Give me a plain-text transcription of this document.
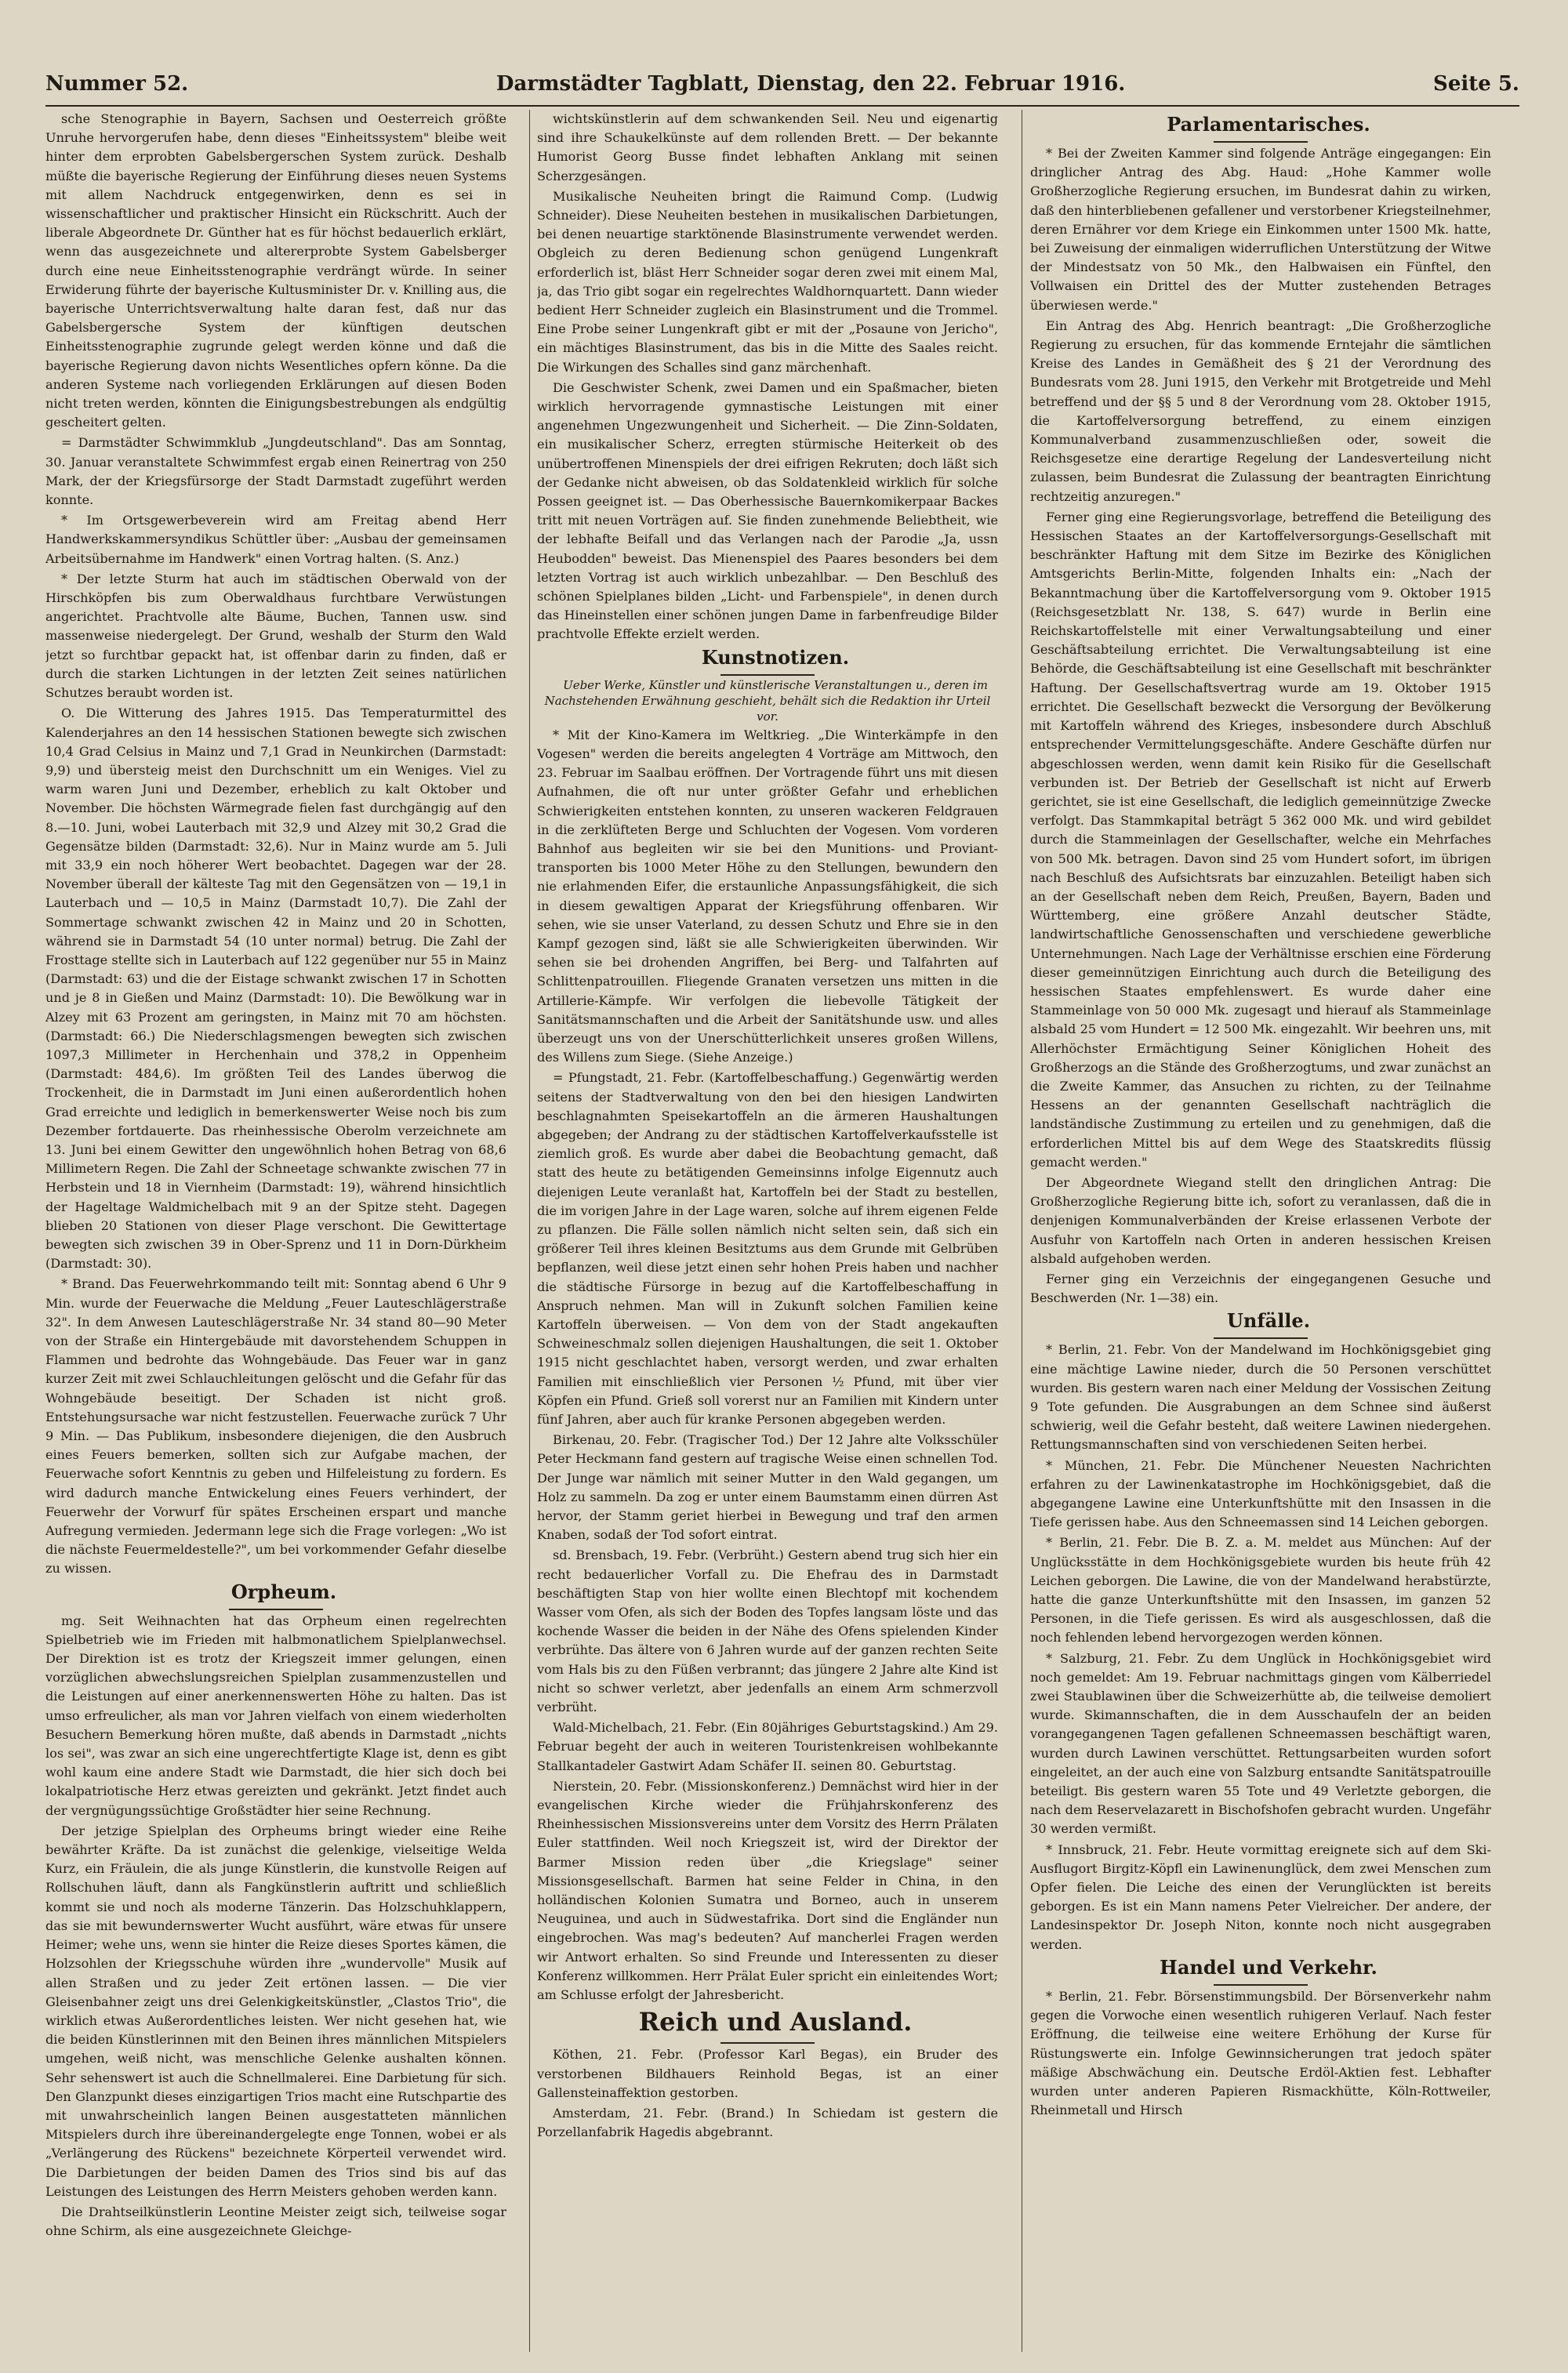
Nummer 52.	Darmstädter Tagblatt, Dienstag, den 22. Februar 1916.	Seite 5.

sche Stenographie in Bayern, Sachsen und Oesterreich größte Unruhe hervorgerufen habe, denn dieses "Einheitssystem" bleibe weit hinter dem erprobten Gabelsbergerschen System zurück. Deshalb müßte die bayerische Regierung der Einführung dieses neuen Systems mit allem Nachdruck entgegenwirken, denn es sei in wissenschaftlicher und praktischer Hinsicht ein Rückschritt. Auch der liberale Abgeordnete Dr. Günther hat es für höchst bedauerlich erklärt, wenn das ausgezeichnete und altererprobte System Gabelsberger durch eine neue Einheitsstenographie verdrängt würde. In seiner Erwiderung führte der bayerische Kultusminister Dr. v. Knilling aus, die bayerische Unterrichtsverwaltung halte daran fest, daß nur das Gabelsbergersche System der künftigen deutschen Einheitsstenographie zugrunde gelegt werden könne und daß die bayerische Regierung davon nichts Wesentliches opfern könne. Da die anderen Systeme nach vorliegenden Erklärungen auf diesen Boden nicht treten werden, könnten die Einigungsbestrebungen als endgültig gescheitert gelten.

= Darmstädter Schwimmklub „Jungdeutschland". Das am Sonntag, 30. Januar veranstaltete Schwimmfest ergab einen Reinertrag von 250 Mark, der der Kriegsfürsorge der Stadt Darmstadt zugeführt werden konnte.

* Im Ortsgewerbeverein wird am Freitag abend Herr Handwerkskammersyndikus Schüttler über: „Ausbau der gemeinsamen Arbeitsübernahme im Handwerk" einen Vortrag halten. (S. Anz.)

* Der letzte Sturm hat auch im städtischen Oberwald von der Hirschköpfen bis zum Oberwaldhaus furchtbare Verwüstungen angerichtet. Prachtvolle alte Bäume, Buchen, Tannen usw. sind massenweise niedergelegt. Der Grund, weshalb der Sturm den Wald jetzt so furchtbar gepackt hat, ist offenbar darin zu finden, daß er durch die starken Lichtungen in der letzten Zeit seines natürlichen Schutzes beraubt worden ist.

O. Die Witterung des Jahres 1915. Das Temperaturmittel des Kalenderjahres an den 14 hessischen Stationen bewegte sich zwischen 10,4 Grad Celsius in Mainz und 7,1 Grad in Neunkirchen (Darmstadt: 9,9) und übersteig meist den Durchschnitt um ein Weniges. Viel zu warm waren Juni und Dezember, erheblich zu kalt Oktober und November. Die höchsten Wärmegrade fielen fast durchgängig auf den 8.—10. Juni, wobei Lauterbach mit 32,9 und Alzey mit 30,2 Grad die Gegensätze bilden (Darmstadt: 32,6). Nur in Mainz wurde am 5. Juli mit 33,9 ein noch höherer Wert beobachtet. Dagegen war der 28. November überall der kälteste Tag mit den Gegensätzen von — 19,1 in Lauterbach und — 10,5 in Mainz (Darmstadt 10,7). Die Zahl der Sommertage schwankt zwischen 42 in Mainz und 20 in Schotten, während sie in Darmstadt 54 (10 unter normal) betrug. Die Zahl der Frosttage stellte sich in Lauterbach auf 122 gegenüber nur 55 in Mainz (Darmstadt: 63) und die der Eistage schwankt zwischen 17 in Schotten und je 8 in Gießen und Mainz (Darmstadt: 10). Die Bewölkung war in Alzey mit 63 Prozent am geringsten, in Mainz mit 70 am höchsten. (Darmstadt: 66.) Die Niederschlagsmengen bewegten sich zwischen 1097,3 Millimeter in Herchenhain und 378,2 in Oppenheim (Darmstadt: 484,6). Im größten Teil des Landes überwog die Trockenheit, die in Darmstadt im Juni einen außerordentlich hohen Grad erreichte und lediglich in bemerkenswerter Weise noch bis zum Dezember fortdauerte. Das rheinhessische Oberolm verzeichnete am 13. Juni bei einem Gewitter den ungewöhnlich hohen Betrag von 68,6 Millimetern Regen. Die Zahl der Schneetage schwankte zwischen 77 in Herbstein und 18 in Viernheim (Darmstadt: 19), während hinsichtlich der Hageltage Waldmichelbach mit 9 an der Spitze steht. Dagegen blieben 20 Stationen von dieser Plage verschont. Die Gewittertage bewegten sich zwischen 39 in Ober-Sprenz und 11 in Dorn-Dürkheim (Darmstadt: 30).

* Brand. Das Feuerwehrkommando teilt mit: Sonntag abend 6 Uhr 9 Min. wurde der Feuerwache die Meldung „Feuer Lauteschlägerstraße 32". In dem Anwesen Lauteschlägerstraße Nr. 34 stand 80—90 Meter von der Straße ein Hintergebäude mit davorstehendem Schuppen in Flammen und bedrohte das Wohngebäude. Das Feuer war in ganz kurzer Zeit mit zwei Schlauchleitungen gelöscht und die Gefahr für das Wohngebäude beseitigt. Der Schaden ist nicht groß. Entstehungsursache war nicht festzustellen. Feuerwache zurück 7 Uhr 9 Min. — Das Publikum, insbesondere diejenigen, die den Ausbruch eines Feuers bemerken, sollten sich zur Aufgabe machen, der Feuerwache sofort Kenntnis zu geben und Hilfeleistung zu fordern. Es wird dadurch manche Entwickelung eines Feuers verhindert, der Feuerwehr der Vorwurf für spätes Erscheinen erspart und manche Aufregung vermieden. Jedermann lege sich die Frage vorlegen: „Wo ist die nächste Feuermeldestelle?", um bei vorkommender Gefahr dieselbe zu wissen.

Orpheum.

mg. Seit Weihnachten hat das Orpheum einen regelrechten Spielbetrieb wie im Frieden mit halbmonatlichem Spielplanwechsel. Der Direktion ist es trotz der Kriegszeit immer gelungen, einen vorzüglichen abwechslungsreichen Spielplan zusammenzustellen und die Leistungen auf einer anerkennenswerten Höhe zu halten. Das ist umso erfreulicher, als man vor Jahren vielfach von einem wiederholten Besuchern Bemerkung hören mußte, daß abends in Darmstadt „nichts los sei", was zwar an sich eine ungerechtfertigte Klage ist, denn es gibt wohl kaum eine andere Stadt wie Darmstadt, die hier sich doch bei lokalpatriotische Herz etwas gereizten und gekränkt. Jetzt findet auch der vergnügungssüchtige Großstädter hier seine Rechnung.

Der jetzige Spielplan des Orpheums bringt wieder eine Reihe bewährter Kräfte. Da ist zunächst die gelenkige, vielseitige Welda Kurz, ein Fräulein, die als junge Künstlerin, die kunstvolle Reigen auf Rollschuhen läuft, dann als Fangkünstlerin auftritt und schließlich kommt sie und noch als moderne Tänzerin. Das Holzschuhklappern, das sie mit bewundernswerter Wucht ausführt, wäre etwas für unsere Heimer; wehe uns, wenn sie hinter die Reize dieses Sportes kämen, die Holzsohlen der Kriegsschuhe würden ihre „wundervolle" Musik auf allen Straßen und zu jeder Zeit ertönen lassen. — Die vier Gleisenbahner zeigt uns drei Gelenkigkeitskünstler, „Clastos Trio", die wirklich etwas Außerordentliches leisten. Wer nicht gesehen hat, wie die beiden Künstlerinnen mit den Beinen ihres männlichen Mitspielers umgehen, weiß nicht, was menschliche Gelenke aushalten können. Sehr sehenswert ist auch die Schnellmalerei. Eine Darbietung für sich. Den Glanzpunkt dieses einzigartigen Trios macht eine Rutschpartie des mit unwahrscheinlich langen Beinen ausgestatteten männlichen Mitspielers durch ihre übereinandergelegte enge Tonnen, wobei er als „Verlängerung des Rückens" bezeichnete Körperteil verwendet wird. Die Darbietungen der beiden Damen des Trios sind bis auf das Leistungen des Leistungen des Herrn Meisters gehoben werden kann.

Die Drahtseilkünstlerin Leontine Meister zeigt sich, teilweise sogar ohne Schirm, als eine ausgezeichnete Gleichge-

wichtskünstlerin auf dem schwankenden Seil. Neu und eigenartig sind ihre Schaukelkünste auf dem rollenden Brett. — Der bekannte Humorist Georg Busse findet lebhaften Anklang mit seinen Scherzgesängen.

Musikalische Neuheiten bringt die Raimund Comp. (Ludwig Schneider). Diese Neuheiten bestehen in musikalischen Darbietungen, bei denen neuartige starktönende Blasinstrumente verwendet werden. Obgleich zu deren Bedienung schon genügend Lungenkraft erforderlich ist, bläst Herr Schneider sogar deren zwei mit einem Mal, ja, das Trio gibt sogar ein regelrechtes Waldhornquartett. Dann wieder bedient Herr Schneider zugleich ein Blasinstrument und die Trommel. Eine Probe seiner Lungenkraft gibt er mit der „Posaune von Jericho", ein mächtiges Blasinstrument, das bis in die Mitte des Saales reicht. Die Wirkungen des Schalles sind ganz märchenhaft.

Die Geschwister Schenk, zwei Damen und ein Spaßmacher, bieten wirklich hervorragende gymnastische Leistungen mit einer angenehmen Ungezwungenheit und Sicherheit. — Die Zinn-Soldaten, ein musikalischer Scherz, erregten stürmische Heiterkeit ob des unübertroffenen Minenspiels der drei eifrigen Rekruten; doch läßt sich der Gedanke nicht abweisen, ob das Soldatenkleid wirklich für solche Possen geeignet ist. — Das Oberhessische Bauernkomikerpaar Backes tritt mit neuen Vorträgen auf. Sie finden zunehmende Beliebtheit, wie der lebhafte Beifall und das Verlangen nach der Parodie „Ja, ussn Heubodden" beweist. Das Mienenspiel des Paares besonders bei dem letzten Vortrag ist auch wirklich unbezahlbar. — Den Beschluß des schönen Spielplanes bilden „Licht- und Farbenspiele", in denen durch das Hineinstellen einer schönen jungen Dame in farbenfreudige Bilder prachtvolle Effekte erzielt werden.

Kunstnotizen.

Ueber Werke, Künstler und künstlerische Veranstaltungen u., deren im Nachstehenden Erwähnung geschieht, behält sich die Redaktion ihr Urteil vor.

* Mit der Kino-Kamera im Weltkrieg. „Die Winterkämpfe in den Vogesen" werden die bereits angelegten 4 Vorträge am Mittwoch, den 23. Februar im Saalbau eröffnen. Der Vortragende führt uns mit diesen Aufnahmen, die oft nur unter größter Gefahr und erheblichen Schwierigkeiten entstehen konnten, zu unseren wackeren Feldgrauen in die zerklüfteten Berge und Schluchten der Vogesen. Vom vorderen Bahnhof aus begleiten wir sie bei den Munitions- und Proviant-transporten bis 1000 Meter Höhe zu den Stellungen, bewundern den nie erlahmenden Eifer, die erstaunliche Anpassungsfähigkeit, die sich in diesem gewaltigen Apparat der Kriegsführung offenbaren. Wir sehen, wie sie unser Vaterland, zu dessen Schutz und Ehre sie in den Kampf gezogen sind, läßt sie alle Schwierigkeiten überwinden. Wir sehen sie bei drohenden Angriffen, bei Berg- und Talfahrten auf Schlittenpatrouillen. Fliegende Granaten versetzen uns mitten in die Artillerie-Kämpfe. Wir verfolgen die liebevolle Tätigkeit der Sanitätsmannschaften und die Arbeit der Sanitätshunde usw. und alles überzeugt uns von der Unerschütterlichkeit unseres großen Willens, des Willens zum Siege. (Siehe Anzeige.)

= Pfungstadt, 21. Febr. (Kartoffelbeschaffung.) Gegenwärtig werden seitens der Stadtverwaltung von den bei den hiesigen Landwirten beschlagnahmten Speisekartoffeln an die ärmeren Haushaltungen abgegeben; der Andrang zu der städtischen Kartoffelverkaufsstelle ist ziemlich groß. Es wurde aber dabei die Beobachtung gemacht, daß statt des heute zu betätigenden Gemeinsinns infolge Eigennutz auch diejenigen Leute veranlaßt hat, Kartoffeln bei der Stadt zu bestellen, die im vorigen Jahre in der Lage waren, solche auf ihrem eigenen Felde zu pflanzen. Die Fälle sollen nämlich nicht selten sein, daß sich ein größerer Teil ihres kleinen Besitztums aus dem Grunde mit Gelbrüben bepflanzen, weil diese jetzt einen sehr hohen Preis haben und nachher die städtische Fürsorge in bezug auf die Kartoffelbeschaffung in Anspruch nehmen. Man will in Zukunft solchen Familien keine Kartoffeln überweisen. — Von dem von der Stadt angekauften Schweineschmalz sollen diejenigen Haushaltungen, die seit 1. Oktober 1915 nicht geschlachtet haben, versorgt werden, und zwar erhalten Familien mit einschließlich vier Personen ½ Pfund, mit über vier Köpfen ein Pfund. Grieß soll vorerst nur an Familien mit Kindern unter fünf Jahren, aber auch für kranke Personen abgegeben werden.

Birkenau, 20. Febr. (Tragischer Tod.) Der 12 Jahre alte Volksschüler Peter Heckmann fand gestern auf tragische Weise einen schnellen Tod. Der Junge war nämlich mit seiner Mutter in den Wald gegangen, um Holz zu sammeln. Da zog er unter einem Baumstamm einen dürren Ast hervor, der Stamm geriet hierbei in Bewegung und traf den armen Knaben, sodaß der Tod sofort eintrat.

sd. Brensbach, 19. Febr. (Verbrüht.) Gestern abend trug sich hier ein recht bedauerlicher Vorfall zu. Die Ehefrau des in Darmstadt beschäftigten Stap von hier wollte einen Blechtopf mit kochendem Wasser vom Ofen, als sich der Boden des Topfes langsam löste und das kochende Wasser die beiden in der Nähe des Ofens spielenden Kinder verbrühte. Das ältere von 6 Jahren wurde auf der ganzen rechten Seite vom Hals bis zu den Füßen verbrannt; das jüngere 2 Jahre alte Kind ist nicht so schwer verletzt, aber jedenfalls an einem Arm schmerzvoll verbrüht.

Wald-Michelbach, 21. Febr. (Ein 80jähriges Geburtstagskind.) Am 29. Februar begeht der auch in weiteren Touristenkreisen wohlbekannte Stallkantadeler Gastwirt Adam Schäfer II. seinen 80. Geburtstag.

Nierstein, 20. Febr. (Missionskonferenz.) Demnächst wird hier in der evangelischen Kirche wieder die Frühjahrskonferenz des Rheinhessischen Missionsvereins unter dem Vorsitz des Herrn Prälaten Euler stattfinden. Weil noch Kriegszeit ist, wird der Direktor der Barmer Mission reden über „die Kriegslage" seiner Missionsgesellschaft. Barmen hat seine Felder in China, in den holländischen Kolonien Sumatra und Borneo, auch in unserem Neuguinea, und auch in Südwestafrika. Dort sind die Engländer nun eingebrochen. Was mag's bedeuten? Auf mancherlei Fragen werden wir Antwort erhalten. So sind Freunde und Interessenten zu dieser Konferenz willkommen. Herr Prälat Euler spricht ein einleitendes Wort; am Schlusse erfolgt der Jahresbericht.

Reich und Ausland.

Köthen, 21. Febr. (Professor Karl Begas), ein Bruder des verstorbenen Bildhauers Reinhold Begas, ist an einer Gallensteinaffektion gestorben.

Amsterdam, 21. Febr. (Brand.) In Schiedam ist gestern die Porzellanfabrik Hagedis abgebrannt.

Parlamentarisches.

* Bei der Zweiten Kammer sind folgende Anträge eingegangen: Ein dringlicher Antrag des Abg. Haud: „Hohe Kammer wolle Großherzogliche Regierung ersuchen, im Bundesrat dahin zu wirken, daß den hinterbliebenen gefallener und verstorbener Kriegsteilnehmer, deren Ernährer vor dem Kriege ein Einkommen unter 1500 Mk. hatte, bei Zuweisung der einmaligen widerruflichen Unterstützung der Witwe der Mindestsatz von 50 Mk., den Halbwaisen ein Fünftel, den Vollwaisen ein Drittel des der Mutter zustehenden Betrages überwiesen werde."

Ein Antrag des Abg. Henrich beantragt: „Die Großherzogliche Regierung zu ersuchen, für das kommende Erntejahr die sämtlichen Kreise des Landes in Gemäßheit des § 21 der Verordnung des Bundesrats vom 28. Juni 1915, den Verkehr mit Brotgetreide und Mehl betreffend und der §§ 5 und 8 der Verordnung vom 28. Oktober 1915, die Kartoffelversorgung betreffend, zu einem einzigen Kommunalverband zusammenzuschließen oder, soweit die Reichsgesetze eine derartige Regelung der Landesverteilung nicht zulassen, beim Bundesrat die Zulassung der beantragten Einrichtung rechtzeitig anzuregen."

Ferner ging eine Regierungsvorlage, betreffend die Beteiligung des Hessischen Staates an der Kartoffelversorgungs-Gesellschaft mit beschränkter Haftung mit dem Sitze im Bezirke des Königlichen Amtsgerichts Berlin-Mitte, folgenden Inhalts ein: „Nach der Bekanntmachung über die Kartoffelversorgung vom 9. Oktober 1915 (Reichsgesetzblatt Nr. 138, S. 647) wurde in Berlin eine Reichskartoffelstelle mit einer Verwaltungsabteilung und einer Geschäftsabteilung errichtet. Die Verwaltungsabteilung ist eine Behörde, die Geschäftsabteilung ist eine Gesellschaft mit beschränkter Haftung. Der Gesellschaftsvertrag wurde am 19. Oktober 1915 errichtet. Die Gesellschaft bezweckt die Versorgung der Bevölkerung mit Kartoffeln während des Krieges, insbesondere durch Abschluß entsprechender Vermittelungsgeschäfte. Andere Geschäfte dürfen nur abgeschlossen werden, wenn damit kein Risiko für die Gesellschaft verbunden ist. Der Betrieb der Gesellschaft ist nicht auf Erwerb gerichtet, sie ist eine Gesellschaft, die lediglich gemeinnützige Zwecke verfolgt. Das Stammkapital beträgt 5 362 000 Mk. und wird gebildet durch die Stammeinlagen der Gesellschafter, welche ein Mehrfaches von 500 Mk. betragen. Davon sind 25 vom Hundert sofort, im übrigen nach Beschluß des Aufsichtsrats bar einzuzahlen. Beteiligt haben sich an der Gesellschaft neben dem Reich, Preußen, Bayern, Baden und Württemberg, eine größere Anzahl deutscher Städte, landwirtschaftliche Genossenschaften und verschiedene gewerbliche Unternehmungen. Nach Lage der Verhältnisse erschien eine Förderung dieser gemeinnützigen Einrichtung auch durch die Beteiligung des hessischen Staates empfehlenswert. Es wurde daher eine Stammeinlage von 50 000 Mk. zugesagt und hierauf als Stammeinlage alsbald 25 vom Hundert = 12 500 Mk. eingezahlt. Wir beehren uns, mit Allerhöchster Ermächtigung Seiner Königlichen Hoheit des Großherzogs an die Stände des Großherzogtums, und zwar zunächst an die Zweite Kammer, das Ansuchen zu richten, zu der Teilnahme Hessens an der genannten Gesellschaft nachträglich die landständische Zustimmung zu erteilen und zu genehmigen, daß die erforderlichen Mittel bis auf dem Wege des Staatskredits flüssig gemacht werden."

Der Abgeordnete Wiegand stellt den dringlichen Antrag: Die Großherzogliche Regierung bitte ich, sofort zu veranlassen, daß die in denjenigen Kommunalverbänden der Kreise erlassenen Verbote der Ausfuhr von Kartoffeln nach Orten in anderen hessischen Kreisen alsbald aufgehoben werden.

Ferner ging ein Verzeichnis der eingegangenen Gesuche und Beschwerden (Nr. 1—38) ein.

Unfälle.

* Berlin, 21. Febr. Von der Mandelwand im Hochkönigsgebiet ging eine mächtige Lawine nieder, durch die 50 Personen verschüttet wurden. Bis gestern waren nach einer Meldung der Vossischen Zeitung 9 Tote gefunden. Die Ausgrabungen an dem Schnee sind äußerst schwierig, weil die Gefahr besteht, daß weitere Lawinen niedergehen. Rettungsmannschaften sind von verschiedenen Seiten herbei.

* München, 21. Febr. Die Münchener Neuesten Nachrichten erfahren zu der Lawinenkatastrophe im Hochkönigsgebiet, daß die abgegangene Lawine eine Unterkunftshütte mit den Insassen in die Tiefe gerissen habe. Aus den Schneemassen sind 14 Leichen geborgen.

* Berlin, 21. Febr. Die B. Z. a. M. meldet aus München: Auf der Unglücksstätte in dem Hochkönigsgebiete wurden bis heute früh 42 Leichen geborgen. Die Lawine, die von der Mandelwand herabstürzte, hatte die ganze Unterkunftshütte mit den Insassen, im ganzen 52 Personen, in die Tiefe gerissen. Es wird als ausgeschlossen, daß die noch fehlenden lebend hervorgezogen werden können.

* Salzburg, 21. Febr. Zu dem Unglück in Hochkönigsgebiet wird noch gemeldet: Am 19. Februar nachmittags gingen vom Kälberriedel zwei Staublawinen über die Schweizerhütte ab, die teilweise demoliert wurde. Skimannschaften, die in dem Ausschaufeln der an beiden vorangegangenen Tagen gefallenen Schneemassen beschäftigt waren, wurden durch Lawinen verschüttet. Rettungsarbeiten wurden sofort eingeleitet, an der auch eine von Salzburg entsandte Sanitätspatrouille beteiligt. Bis gestern waren 55 Tote und 49 Verletzte geborgen, die nach dem Reservelazarett in Bischofshofen gebracht wurden. Ungefähr 30 werden vermißt.

* Innsbruck, 21. Febr. Heute vormittag ereignete sich auf dem Ski-Ausflugort Birgitz-Köpfl ein Lawinenunglück, dem zwei Menschen zum Opfer fielen. Die Leiche des einen der Verunglückten ist bereits geborgen. Es ist ein Mann namens Peter Vielreicher. Der andere, der Landesinspektor Dr. Joseph Niton, konnte noch nicht ausgegraben werden.

Handel und Verkehr.

* Berlin, 21. Febr. Börsenstimmungsbild. Der Börsenverkehr nahm gegen die Vorwoche einen wesentlich ruhigeren Verlauf. Nach fester Eröffnung, die teilweise eine weitere Erhöhung der Kurse für Rüstungswerte ein. Infolge Gewinnsicherungen trat jedoch später mäßige Abschwächung ein. Deutsche Erdöl-Aktien fest. Lebhafter wurden unter anderen Papieren Rismackhütte, Köln-Rottweiler, Rheinmetall und Hirsch
